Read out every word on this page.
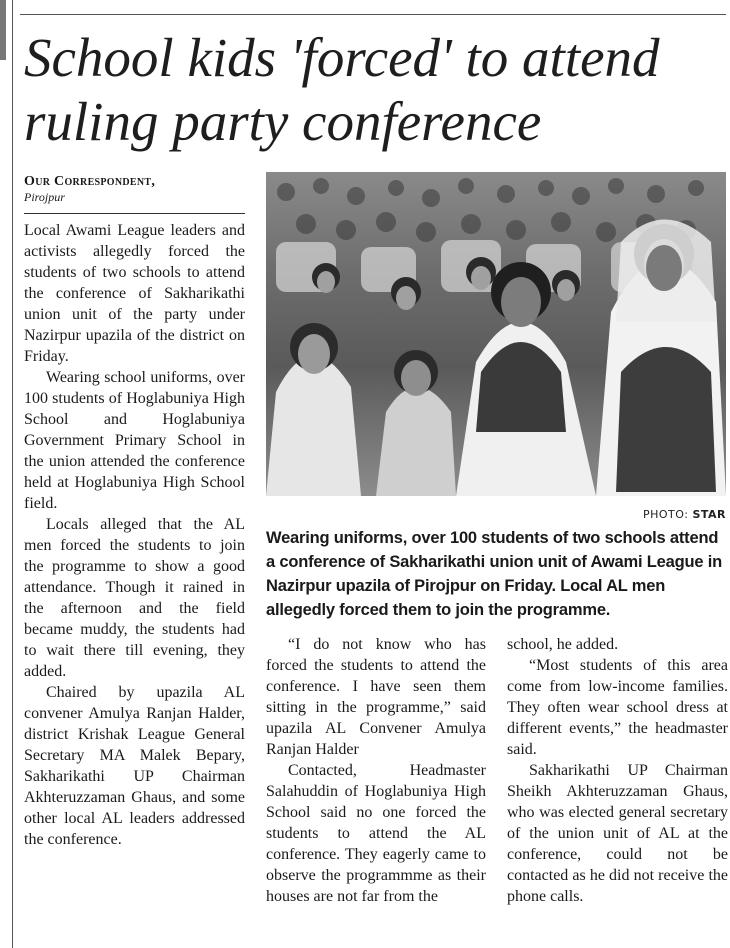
School kids 'forced' to attend ruling party conference
Our Correspondent,
Pirojpur

Local Awami League leaders and activists allegedly forced the students of two schools to attend the conference of Sakharikathi union unit of the party under Nazirpur upazila of the district on Friday.

Wearing school uniforms, over 100 students of Hoglabuniya High School and Hoglabuniya Government Primary School in the union attended the conference held at Hoglabuniya High School field.

Locals alleged that the AL men forced the students to join the programme to show a good attendance. Though it rained in the afternoon and the field became muddy, the students had to wait there till evening, they added.

Chaired by upazila AL convener Amulya Ranjan Halder, district Krishak League General Secretary MA Malek Bepary, Sakharikathi UP Chairman Akhteruzzaman Ghaus, and some other local AL leaders addressed the conference.

PHOTO: STAR

Wearing uniforms, over 100 students of two schools attend a conference of Sakharikathi union unit of Awami League in Nazirpur upazila of Pirojpur on Friday. Local AL men allegedly forced them to join the programme.

“I do not know who has forced the students to attend the conference. I have seen them sitting in the programme,” said upazila AL Convener Amulya Ranjan Halder

Contacted, Headmaster Salahuddin of Hoglabuniya High School said no one forced the students to attend the AL conference. They eagerly came to observe the programmme as their houses are not far from the

school, he added.

“Most students of this area come from low-income families. They often wear school dress at different events,” the headmaster said.

Sakharikathi UP Chairman Sheikh Akhteruzzaman Ghaus, who was elected general secretary of the union unit of AL at the conference, could not be contacted as he did not receive the phone calls.
